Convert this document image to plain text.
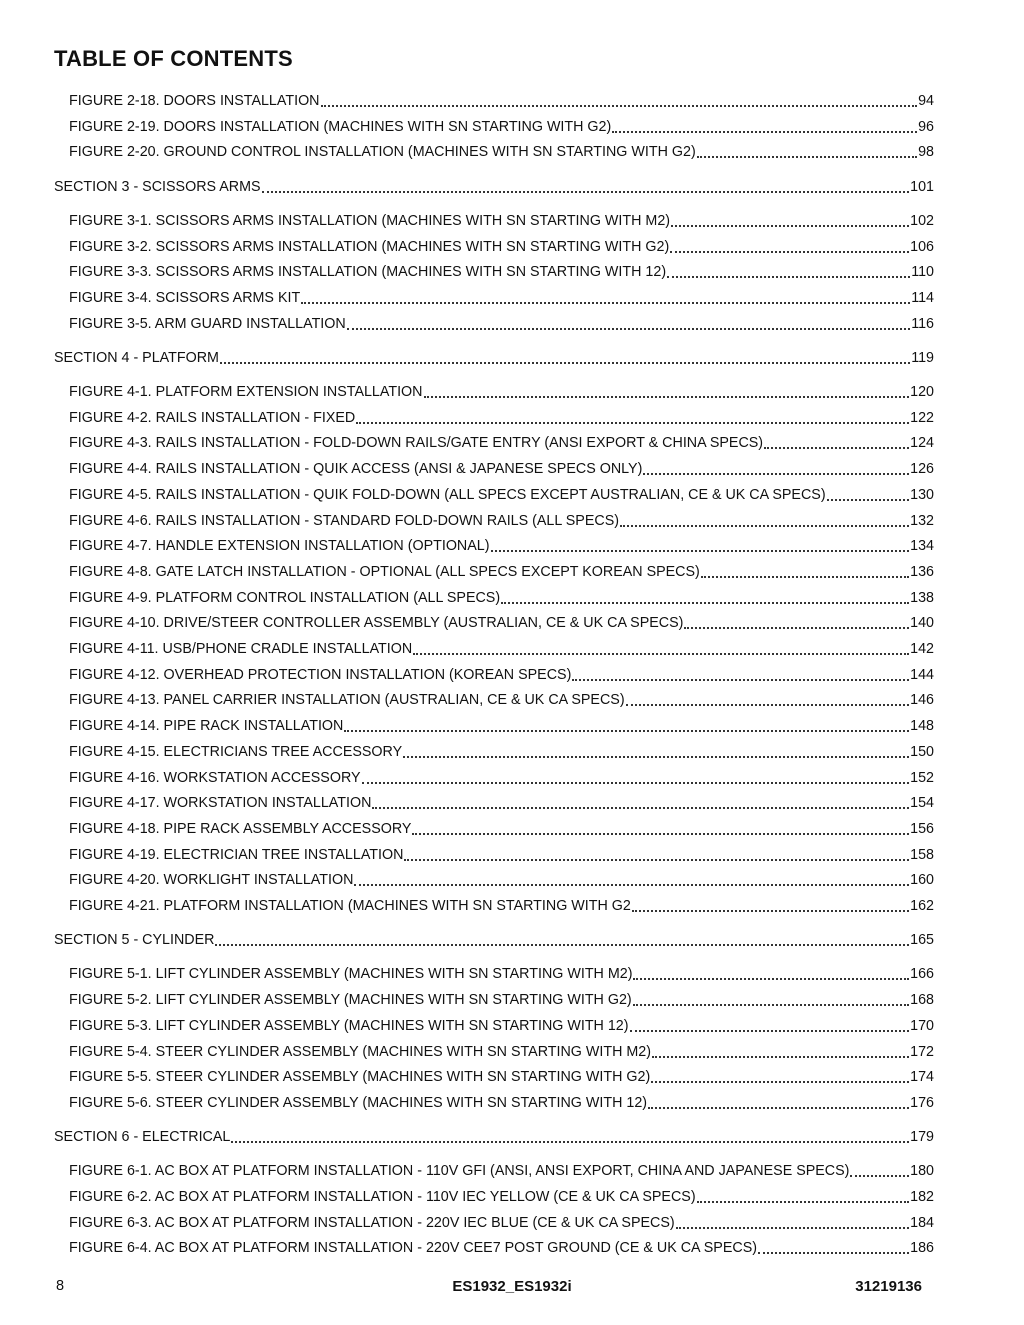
TABLE OF CONTENTS
FIGURE 2-18. DOORS INSTALLATION	94
FIGURE 2-19. DOORS INSTALLATION (MACHINES WITH SN STARTING WITH G2)	96
FIGURE 2-20. GROUND CONTROL INSTALLATION (MACHINES WITH SN STARTING WITH G2)	98
SECTION 3 - SCISSORS ARMS	101
FIGURE 3-1. SCISSORS ARMS INSTALLATION (MACHINES WITH SN STARTING WITH M2)	102
FIGURE 3-2. SCISSORS ARMS INSTALLATION (MACHINES WITH SN STARTING WITH G2)	106
FIGURE 3-3. SCISSORS ARMS INSTALLATION (MACHINES WITH SN STARTING WITH 12)	110
FIGURE 3-4. SCISSORS ARMS KIT	114
FIGURE 3-5. ARM GUARD INSTALLATION	116
SECTION 4 - PLATFORM	119
FIGURE 4-1. PLATFORM EXTENSION INSTALLATION	120
FIGURE 4-2. RAILS INSTALLATION - FIXED	122
FIGURE 4-3. RAILS INSTALLATION - FOLD-DOWN RAILS/GATE ENTRY (ANSI EXPORT & CHINA SPECS)	124
FIGURE 4-4. RAILS INSTALLATION - QUIK ACCESS (ANSI & JAPANESE SPECS ONLY)	126
FIGURE 4-5. RAILS INSTALLATION - QUIK FOLD-DOWN (ALL SPECS EXCEPT AUSTRALIAN, CE & UK CA SPECS)	130
FIGURE 4-6. RAILS INSTALLATION - STANDARD FOLD-DOWN RAILS (ALL SPECS)	132
FIGURE 4-7. HANDLE EXTENSION INSTALLATION (OPTIONAL)	134
FIGURE 4-8. GATE LATCH INSTALLATION - OPTIONAL (ALL SPECS EXCEPT KOREAN SPECS)	136
FIGURE 4-9. PLATFORM CONTROL INSTALLATION (ALL SPECS)	138
FIGURE 4-10. DRIVE/STEER CONTROLLER ASSEMBLY (AUSTRALIAN, CE & UK CA SPECS)	140
FIGURE 4-11. USB/PHONE CRADLE INSTALLATION	142
FIGURE 4-12. OVERHEAD PROTECTION INSTALLATION (KOREAN SPECS)	144
FIGURE 4-13. PANEL CARRIER INSTALLATION (AUSTRALIAN, CE & UK CA SPECS)	146
FIGURE 4-14. PIPE RACK INSTALLATION	148
FIGURE 4-15. ELECTRICIANS TREE ACCESSORY	150
FIGURE 4-16. WORKSTATION ACCESSORY	152
FIGURE 4-17. WORKSTATION INSTALLATION	154
FIGURE 4-18. PIPE RACK ASSEMBLY ACCESSORY	156
FIGURE 4-19. ELECTRICIAN TREE INSTALLATION	158
FIGURE 4-20. WORKLIGHT INSTALLATION	160
FIGURE 4-21. PLATFORM INSTALLATION (MACHINES WITH SN STARTING WITH G2	162
SECTION 5 - CYLINDER	165
FIGURE 5-1. LIFT CYLINDER ASSEMBLY (MACHINES WITH SN STARTING WITH M2)	166
FIGURE 5-2. LIFT CYLINDER ASSEMBLY (MACHINES WITH SN STARTING WITH G2)	168
FIGURE 5-3. LIFT CYLINDER ASSEMBLY (MACHINES WITH SN STARTING WITH 12)	170
FIGURE 5-4. STEER CYLINDER ASSEMBLY (MACHINES WITH SN STARTING WITH M2)	172
FIGURE 5-5. STEER CYLINDER ASSEMBLY (MACHINES WITH SN STARTING WITH G2)	174
FIGURE 5-6. STEER CYLINDER ASSEMBLY (MACHINES WITH SN STARTING WITH 12)	176
SECTION 6 - ELECTRICAL	179
FIGURE 6-1. AC BOX AT PLATFORM INSTALLATION - 110V GFI (ANSI, ANSI EXPORT, CHINA AND JAPANESE SPECS)	180
FIGURE 6-2. AC BOX AT PLATFORM INSTALLATION - 110V IEC YELLOW (CE & UK CA SPECS)	182
FIGURE 6-3. AC BOX AT PLATFORM INSTALLATION - 220V IEC BLUE (CE & UK CA SPECS)	184
FIGURE 6-4. AC BOX AT PLATFORM INSTALLATION - 220V CEE7 POST GROUND (CE & UK CA SPECS)	186
8	ES1932_ES1932i	31219136
